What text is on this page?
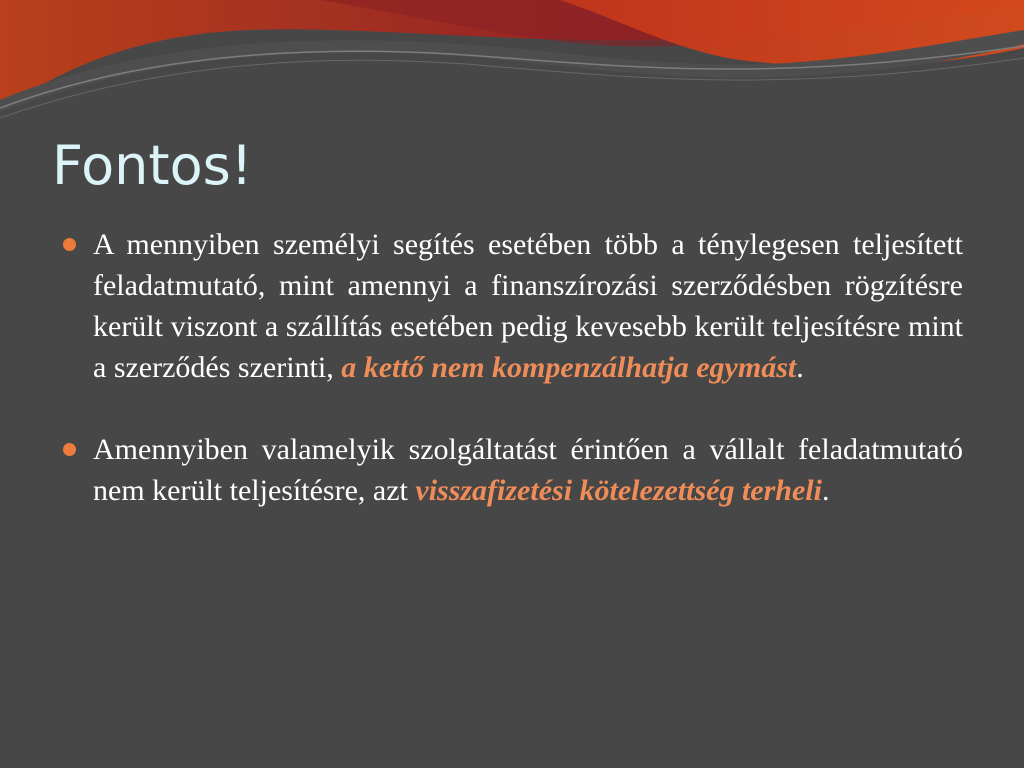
Fontos!
A mennyiben személyi segítés esetében több a ténylegesen teljesített feladatmutató, mint amennyi a finanszírozási szerződésben rögzítésre került viszont a szállítás esetében pedig kevesebb került teljesítésre mint a szerződés szerinti, a kettő nem kompenzálhatja egymást.
Amennyiben valamelyik szolgáltatást érintően a vállalt feladatmutató nem került teljesítésre, azt visszafizetési kötelezettség terheli.
